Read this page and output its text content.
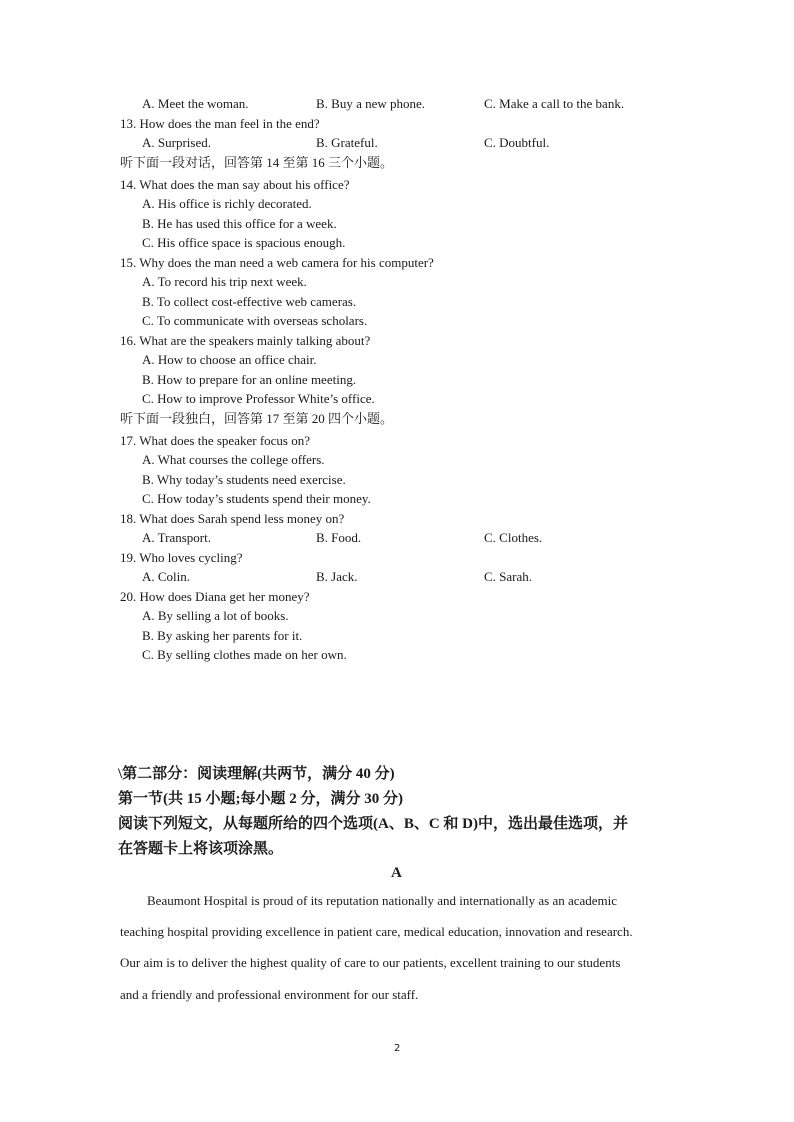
A. Meet the woman.	B. Buy a new phone.	C. Make a call to the bank.
13. How does the man feel in the end?
A. Surprised.	B. Grateful.	C. Doubtful.
听下面一段对话，回答第 14 至第 16 三个小题。
14. What does the man say about his office?
A. His office is richly decorated.
B. He has used this office for a week.
C. His office space is spacious enough.
15. Why does the man need a web camera for his computer?
A. To record his trip next week.
B. To collect cost-effective web cameras.
C. To communicate with overseas scholars.
16. What are the speakers mainly talking about?
A. How to choose an office chair.
B. How to prepare for an online meeting.
C. How to improve Professor White’s office.
听下面一段独白，回答第 17 至第 20 四个小题。
17. What does the speaker focus on?
A. What courses the college offers.
B. Why today’s students need exercise.
C. How today’s students spend their money.
18. What does Sarah spend less money on?
A. Transport.	B. Food.	C. Clothes.
19. Who loves cycling?
A. Colin.	B. Jack.	C. Sarah.
20. How does Diana get her money?
A. By selling a lot of books.
B. By asking her parents for it.
C. By selling clothes made on her own.
\第二部分：阅读理解(共两节，满分 40 分)
第一节(共 15 小题;每小题 2 分，满分 30 分)
阅读下列短文，从每题所给的四个选项(A、B、C 和 D)中，选出最佳选项，并
在答题卡上将该项涂黑。
A
Beaumont Hospital is proud of its reputation nationally and internationally as an academic
teaching hospital providing excellence in patient care, medical education, innovation and research.
Our aim is to deliver the highest quality of care to our patients, excellent training to our students
and a friendly and professional environment for our staff.
2
